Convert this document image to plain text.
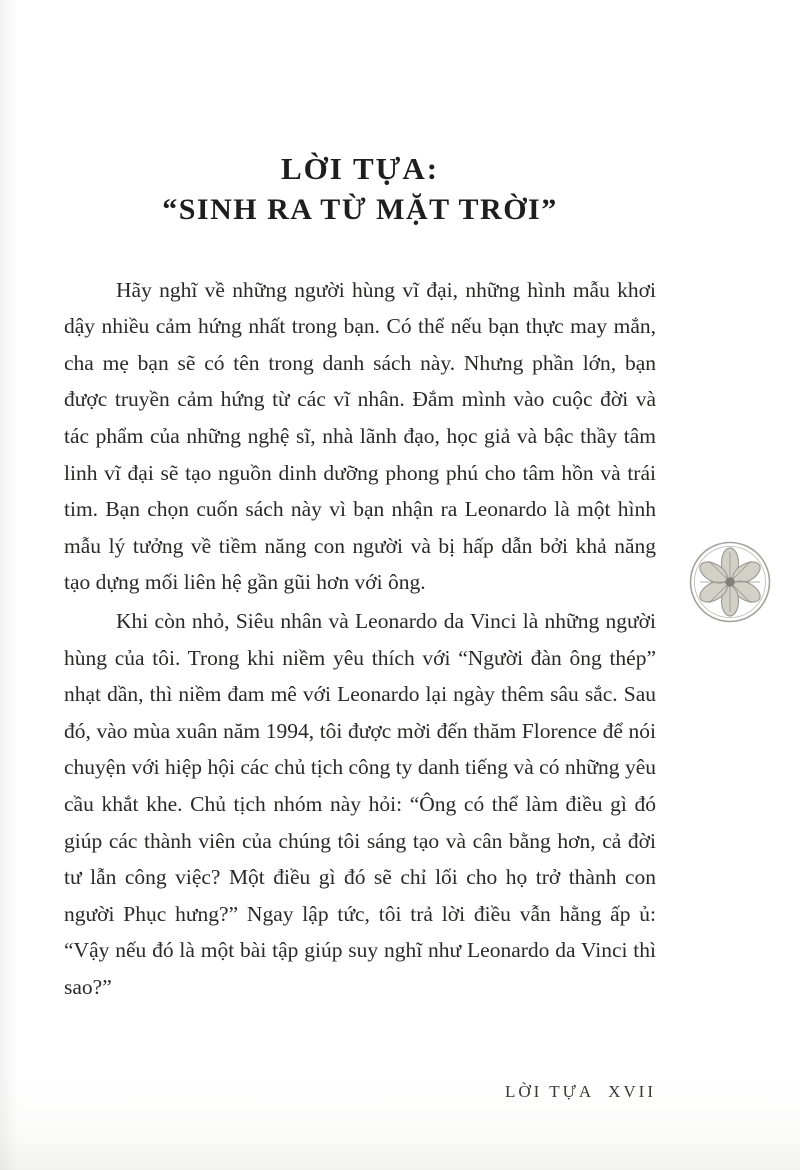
LỜI TỰA:
“SINH RA TỪ MẶT TRỜI”

Hãy nghĩ về những người hùng vĩ đại, những hình mẫu khơi dậy nhiều cảm hứng nhất trong bạn. Có thể nếu bạn thực may mắn, cha mẹ bạn sẽ có tên trong danh sách này. Nhưng phần lớn, bạn được truyền cảm hứng từ các vĩ nhân. Đắm mình vào cuộc đời và tác phẩm của những nghệ sĩ, nhà lãnh đạo, học giả và bậc thầy tâm linh vĩ đại sẽ tạo nguồn dinh dưỡng phong phú cho tâm hồn và trái tim. Bạn chọn cuốn sách này vì bạn nhận ra Leonardo là một hình mẫu lý tưởng về tiềm năng con người và bị hấp dẫn bởi khả năng tạo dựng mối liên hệ gần gũi hơn với ông.

Khi còn nhỏ, Siêu nhân và Leonardo da Vinci là những người hùng của tôi. Trong khi niềm yêu thích với “Người đàn ông thép” nhạt dần, thì niềm đam mê với Leonardo lại ngày thêm sâu sắc. Sau đó, vào mùa xuân năm 1994, tôi được mời đến thăm Florence để nói chuyện với hiệp hội các chủ tịch công ty danh tiếng và có những yêu cầu khắt khe. Chủ tịch nhóm này hỏi: “Ông có thể làm điều gì đó giúp các thành viên của chúng tôi sáng tạo và cân bằng hơn, cả đời tư lẫn công việc? Một điều gì đó sẽ chỉ lối cho họ trở thành con người Phục hưng?” Ngay lập tức, tôi trả lời điều vẫn hằng ấp ủ: “Vậy nếu đó là một bài tập giúp suy nghĩ như Leonardo da Vinci thì sao?”

LỜI TỰA XVII
